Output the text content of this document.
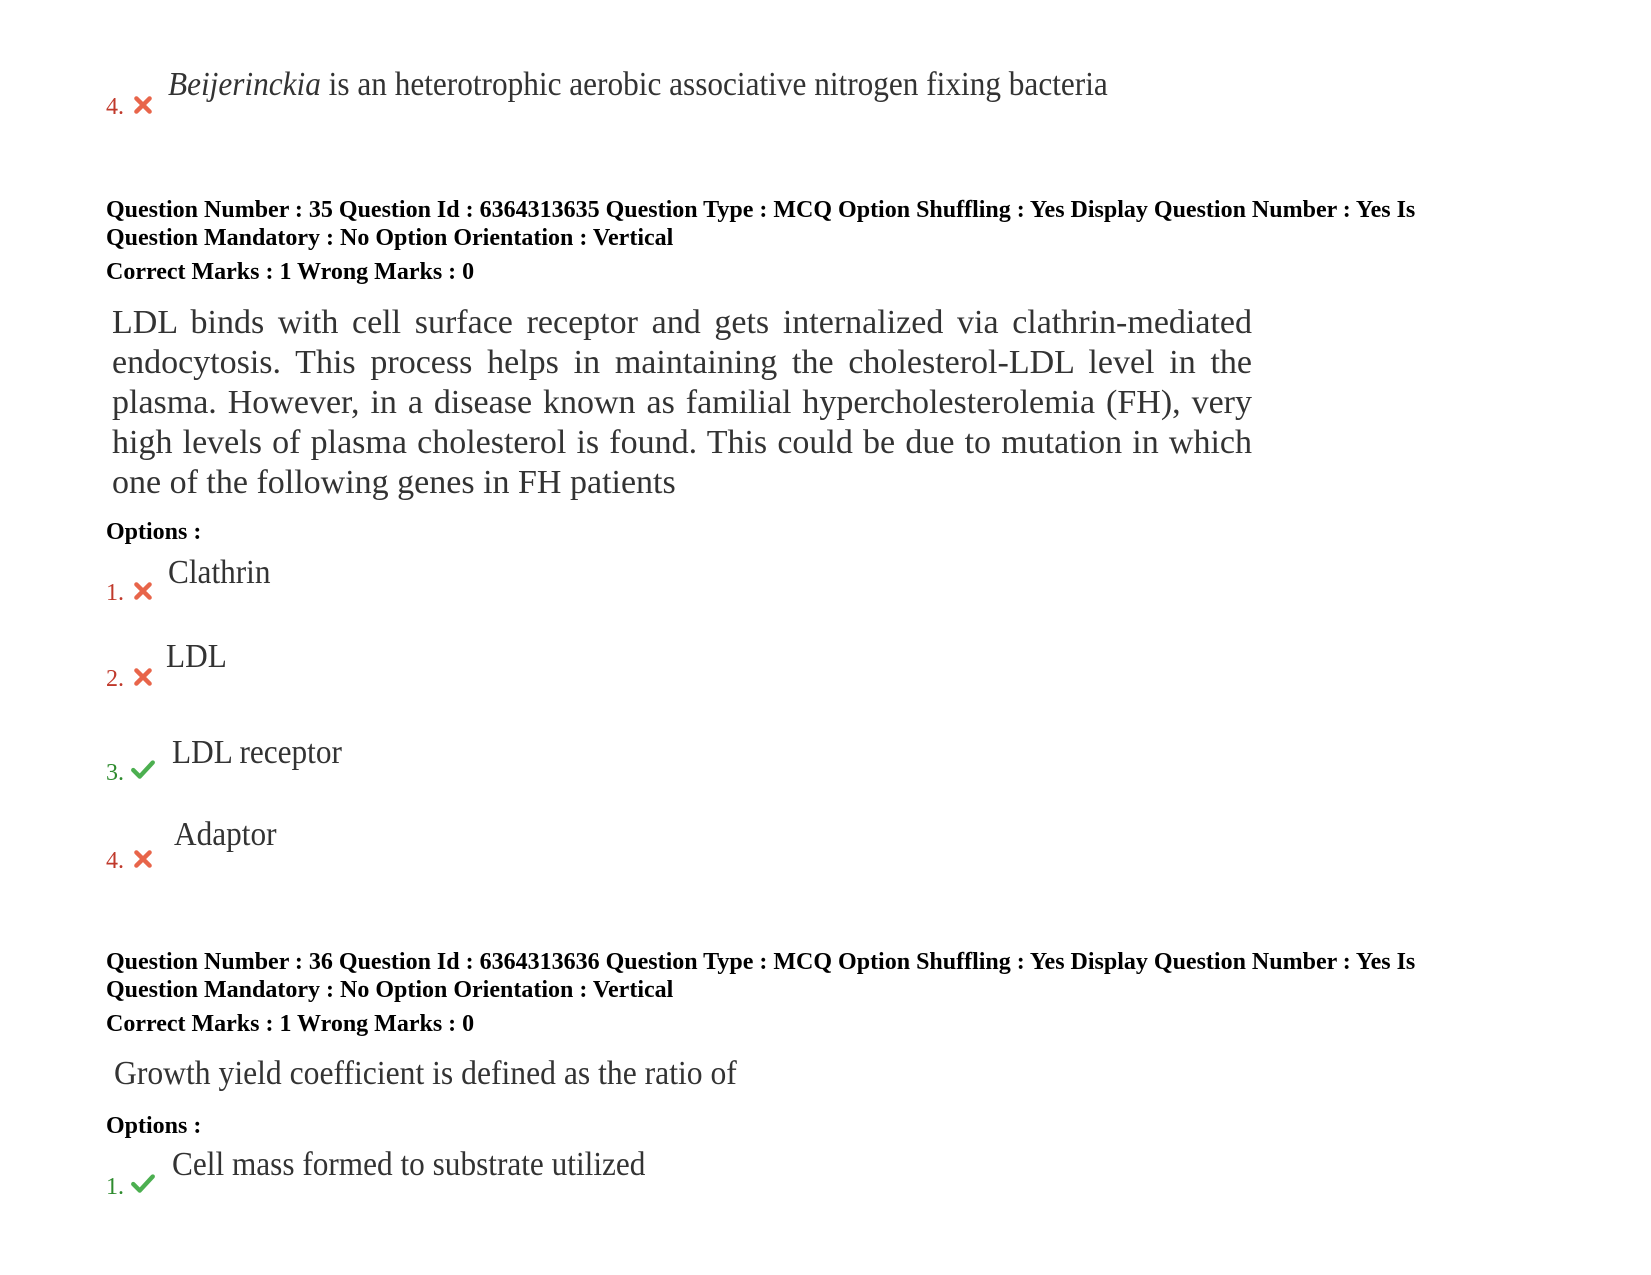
4.
Beijerinckia is an heterotrophic aerobic associative nitrogen fixing bacteria
Question Number : 35 Question Id : 6364313635 Question Type : MCQ Option Shuffling : Yes Display Question Number : Yes Is
Question Mandatory : No Option Orientation : Vertical
Correct Marks : 1 Wrong Marks : 0
LDL binds with cell surface receptor and gets internalized via clathrin-mediated
endocytosis. This process helps in maintaining the cholesterol-LDL level in the
plasma. However, in a disease known as familial hypercholesterolemia (FH), very
high levels of plasma cholesterol is found. This could be due to mutation in which
one of the following genes in FH patients
Options :
1.
Clathrin
2.
LDL
3.
LDL receptor
4.
Adaptor
Question Number : 36 Question Id : 6364313636 Question Type : MCQ Option Shuffling : Yes Display Question Number : Yes Is
Question Mandatory : No Option Orientation : Vertical
Correct Marks : 1 Wrong Marks : 0
Growth yield coefficient is defined as the ratio of
Options :
1.
Cell mass formed to substrate utilized
